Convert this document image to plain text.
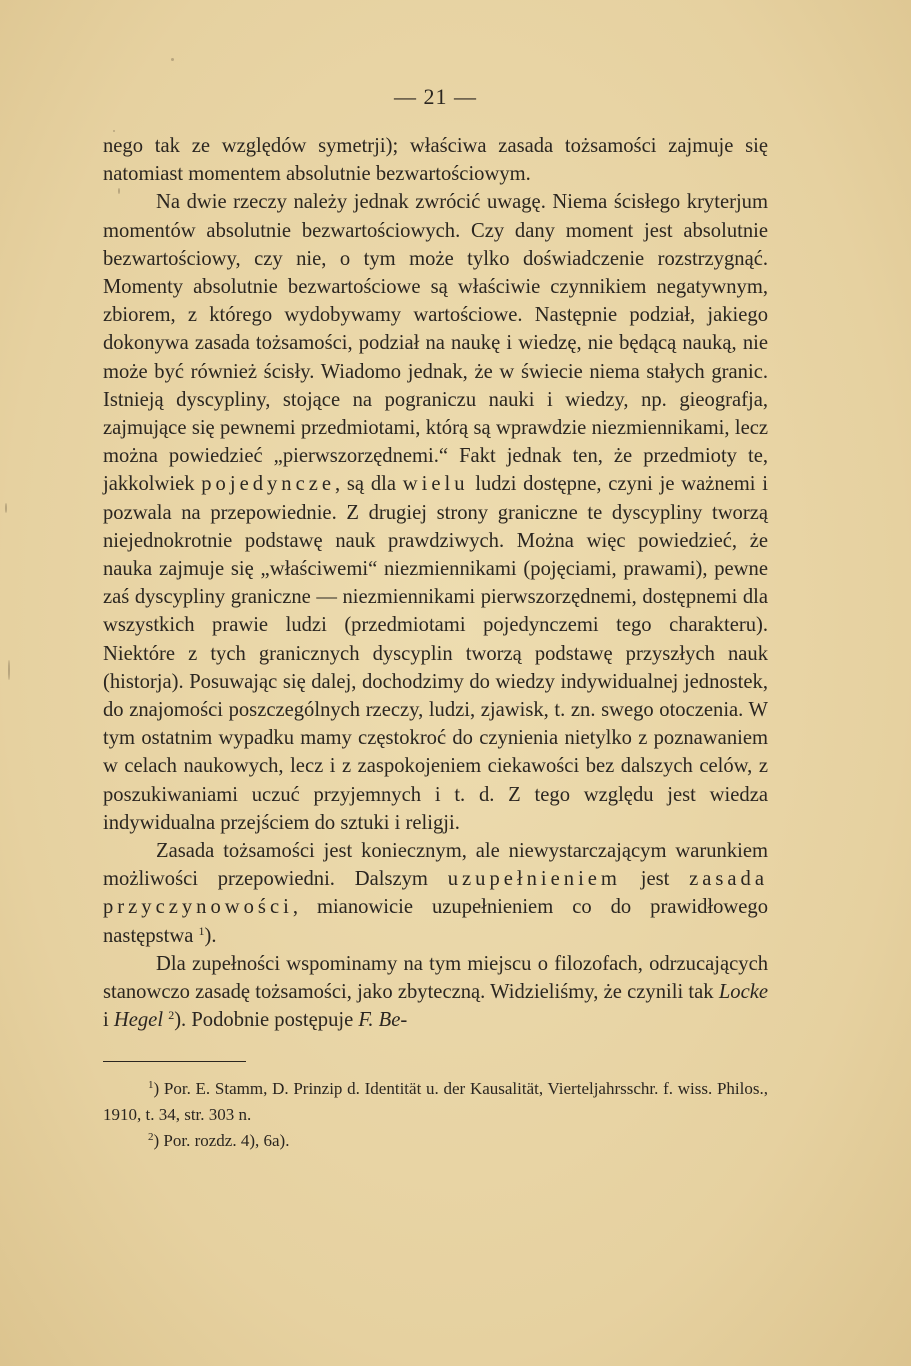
— 21 —

nego tak ze względów symetrji); właściwa zasada tożsamości zajmuje się natomiast momentem absolutnie bezwartościowym.

Na dwie rzeczy należy jednak zwrócić uwagę. Niema ścisłego kryterjum momentów absolutnie bezwartościowych. Czy dany moment jest absolutnie bezwartościowy, czy nie, o tym może tylko doświadczenie rozstrzygnąć. Momenty absolutnie bezwartościowe są właściwie czynnikiem negatywnym, zbiorem, z którego wydobywamy wartościowe. Następnie podział, jakiego dokonywa zasada tożsamości, podział na naukę i wiedzę, nie będącą nauką, nie może być również ścisły. Wiadomo jednak, że w świecie niema stałych granic. Istnieją dyscypliny, stojące na pograniczu nauki i wiedzy, np. gieografja, zajmujące się pewnemi przedmiotami, którą są wprawdzie niezmiennikami, lecz można powiedzieć „pierwszorzędnemi.“ Fakt jednak ten, że przedmioty te, jakkolwiek pojedyncze, są dla wielu ludzi dostępne, czyni je ważnemi i pozwala na przepowiednie. Z drugiej strony graniczne te dyscypliny tworzą niejednokrotnie podstawę nauk prawdziwych. Można więc powiedzieć, że nauka zajmuje się „właściwemi“ niezmiennikami (pojęciami, prawami), pewne zaś dyscypliny graniczne — niezmiennikami pierwszorzędnemi, dostępnemi dla wszystkich prawie ludzi (przedmiotami pojedynczemi tego charakteru). Niektóre z tych granicznych dyscyplin tworzą podstawę przyszłych nauk (historja). Posuwając się dalej, dochodzimy do wiedzy indywidualnej jednostek, do znajomości poszczególnych rzeczy, ludzi, zjawisk, t. zn. swego otoczenia. W tym ostatnim wypadku mamy częstokroć do czynienia nietylko z poznawaniem w celach naukowych, lecz i z zaspokojeniem ciekawości bez dalszych celów, z poszukiwaniami uczuć przyjemnych i t. d. Z tego względu jest wiedza indywidualna przejściem do sztuki i religji.

Zasada tożsamości jest koniecznym, ale niewystarczającym warunkiem możliwości przepowiedni. Dalszym uzupełnieniem jest zasada przyczynowości, mianowicie uzupełnieniem co do prawidłowego następstwa $^1$).

Dla zupełności wspominamy na tym miejscu o filozofach, odrzucających stanowczo zasadę tożsamości, jako zbyteczną. Widzieliśmy, że czynili tak Locke i Hegel $^2$). Podobnie postępuje F. Be-

$^1$) Por. E. Stamm, D. Prinzip d. Identität u. der Kausalität, Vierteljahrsschr. f. wiss. Philos., 1910, t. 34, str. 303 n.

$^2$) Por. rozdz. 4), 6a).
